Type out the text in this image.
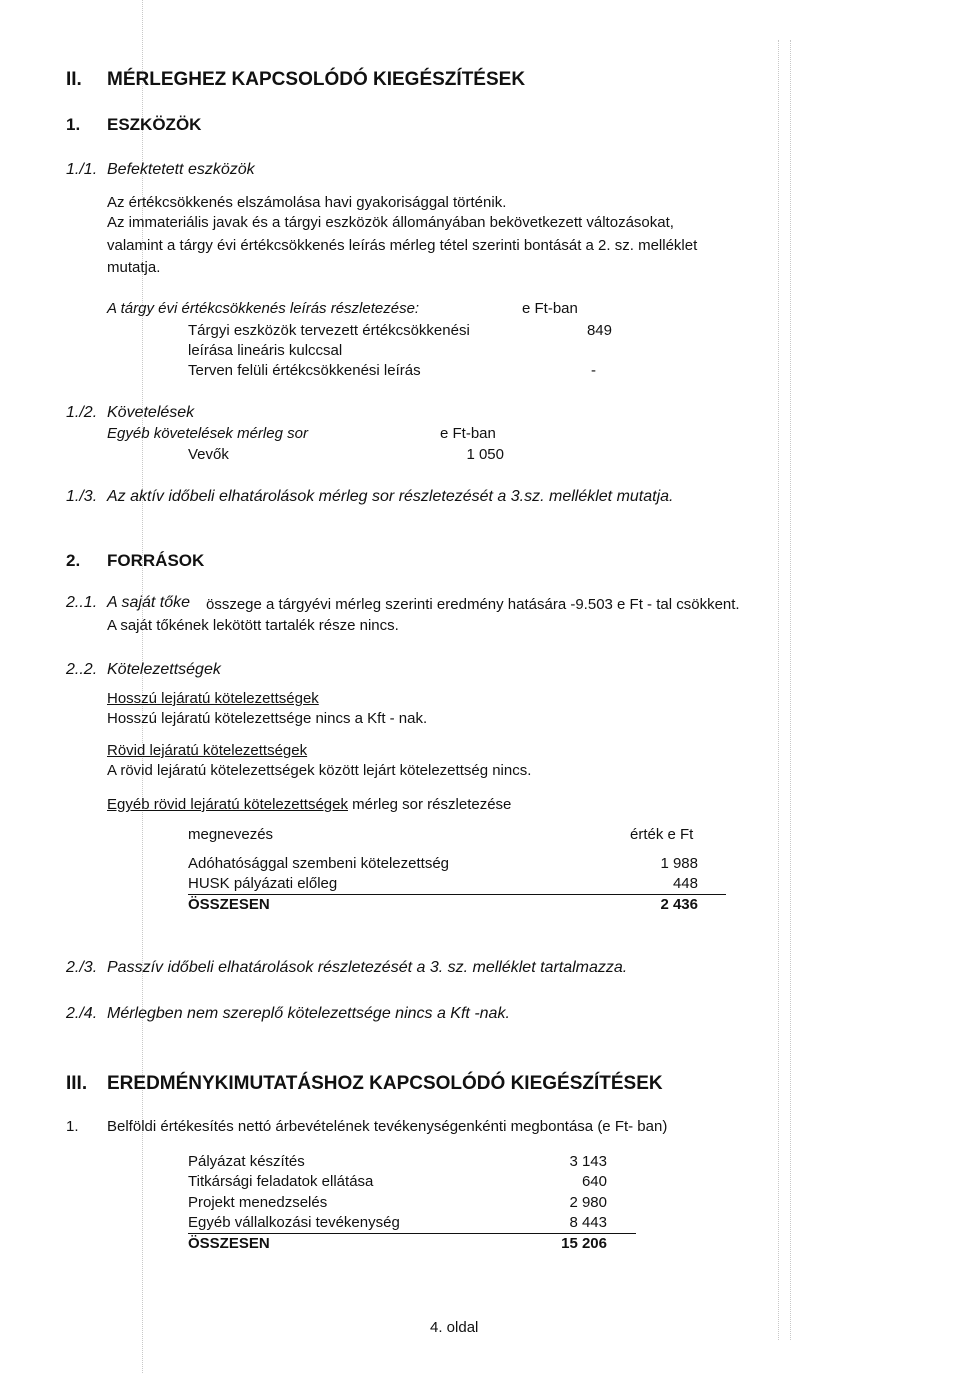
II. MÉRLEGHEZ KAPCSOLÓDÓ KIEGÉSZÍTÉSEK
1. ESZKÖZÖK
1./1. Befektetett eszközök
Az értékcsökkenés elszámolása havi gyakorisággal történik.
Az immateriális javak és a tárgyi eszközök állományában bekövetkezett változásokat,
valamint a tárgy évi értékcsökkenés leírás mérleg tétel szerinti bontását a 2. sz. melléklet
mutatja.
A tárgy évi értékcsökkenés leírás részletezése:	e Ft-ban
Tárgyi eszközök tervezett értékcsökkenési	849
leírása lineáris kulccsal
Terven felüli értékcsökkenési leírás	-
1./2. Követelések
Egyéb követelések mérleg sor	e Ft-ban
Vevők	1 050
1./3. Az aktív időbeli elhatárolások mérleg sor részletezését a 3.sz. melléklet mutatja.
2. FORRÁSOK
2..1. A saját tőke összege a tárgyévi mérleg szerinti eredmény hatására -9.503 e Ft - tal csökkent.
A saját tőkének lekötött tartalék része nincs.
2..2. Kötelezettségek
Hosszú lejáratú kötelezettségek
Hosszú lejáratú kötelezettsége nincs a Kft - nak.
Rövid lejáratú kötelezettségek
A rövid lejáratú kötelezettségek között lejárt kötelezettség nincs.
Egyéb rövid lejáratú kötelezettségek mérleg sor részletezése
megnevezés	érték e Ft
Adóhatósággal szembeni kötelezettség	1 988
HUSK pályázati előleg	448
ÖSSZESEN	2 436
2./3. Passzív időbeli elhatárolások részletezését a 3. sz. melléklet tartalmazza.
2./4. Mérlegben nem szereplő kötelezettsége nincs a Kft -nak.
III. EREDMÉNYKIMUTATÁSHOZ KAPCSOLÓDÓ KIEGÉSZÍTÉSEK
1. Belföldi értékesítés nettó árbevételének tevékenységenkénti megbontása (e Ft- ban)
Pályázat készítés	3 143
Titkársági feladatok ellátása	640
Projekt menedzselés	2 980
Egyéb vállalkozási tevékenység	8 443
ÖSSZESEN	15 206
4. oldal
